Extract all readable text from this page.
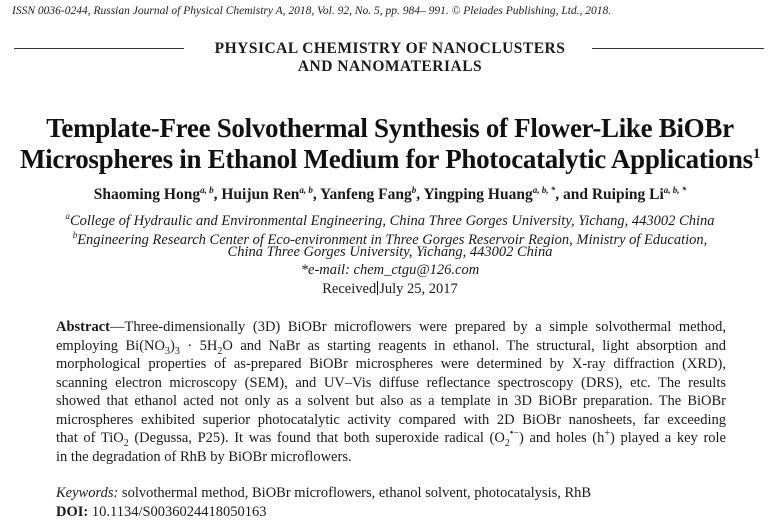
ISSN 0036-0244, Russian Journal of Physical Chemistry A, 2018, Vol. 92, No. 5, pp. 984– 991. © Pleiades Publishing, Ltd., 2018.
PHYSICAL CHEMISTRY OF NANOCLUSTERS
AND NANOMATERIALS
Template-Free Solvothermal Synthesis of Flower-Like BiOBr
Microspheres in Ethanol Medium for Photocatalytic Applications$^1$
Shaoming Hong$^{a, b}$, Huijun Ren$^{a, b}$, Yanfeng Fang$^b$, Yingping Huang$^{a, b, *}$, and Ruiping $Li^{a, b, *}$
$^a$College of Hydraulic and Environmental Engineering, China Three Gorges University, Yichang, 443002 China
$^b$Engineering Research Center of Eco-environment in Three Gorges Reservoir Region, Ministry of Education,
China Three Gorges University, Yichang, 443002 China
*e-mail: chem_ctgu@126.com
Received July 25, 2017
Abstract—Three-dimensionally (3D) BiOBr microflowers were prepared by a simple solvothermal method,
employing $Bi(NO_3)_3 \cdot 5H_2O$ and NaBr as starting reagents in ethanol. The structural, light absorption and
morphological properties of as-prepared BiOBr microspheres were determined by X-ray diffraction (XRD),
scanning electron microscopy (SEM), and UV–Vis diffuse reflectance spectroscopy (DRS), etc. The results
showed that ethanol acted not only as a solvent but also as a template in 3D BiOBr preparation. The BiOBr
microspheres exhibited superior photocatalytic activity compared with 2D BiOBr nanosheets, far exceeding
that of TiO$_2$ (Degussa, P25). It was found that both superoxide radical $(O_2^{•-})$ and holes (h+) played a key role
in the degradation of RhB by BiOBr microflowers.
Keywords: solvothermal method, BiOBr microflowers, ethanol solvent, photocatalysis, RhB
DOI: 10.1134/S0036024418050163
